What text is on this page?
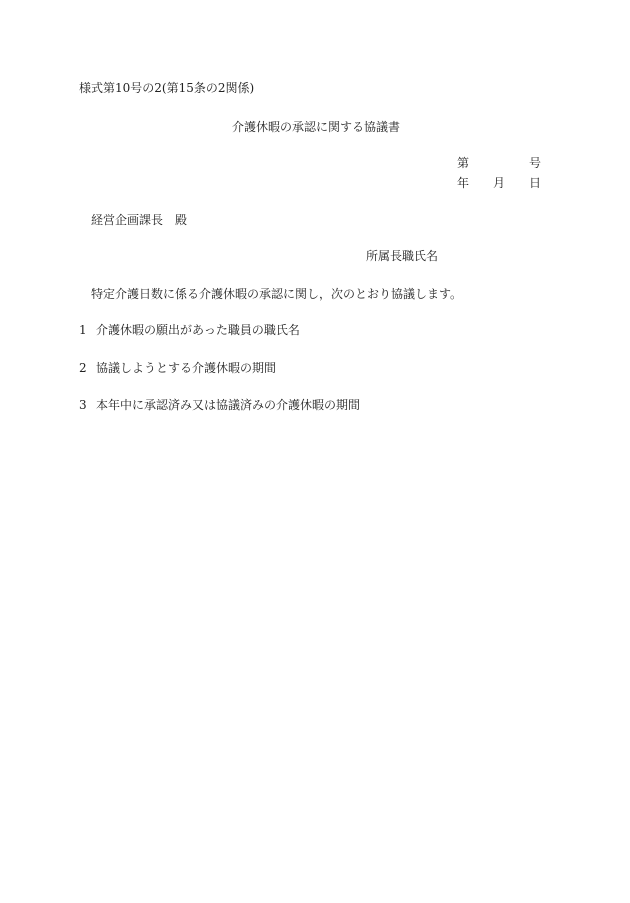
様式第10号の2(第15条の2関係)
介護休暇の承認に関する協議書
第	号
年 月 日
経営企画課長　殿
所属長職氏名
特定介護日数に係る介護休暇の承認に関し，次のとおり協議します。
1 介護休暇の願出があった職員の職氏名
2 協議しようとする介護休暇の期間
3 本年中に承認済み又は協議済みの介護休暇の期間
